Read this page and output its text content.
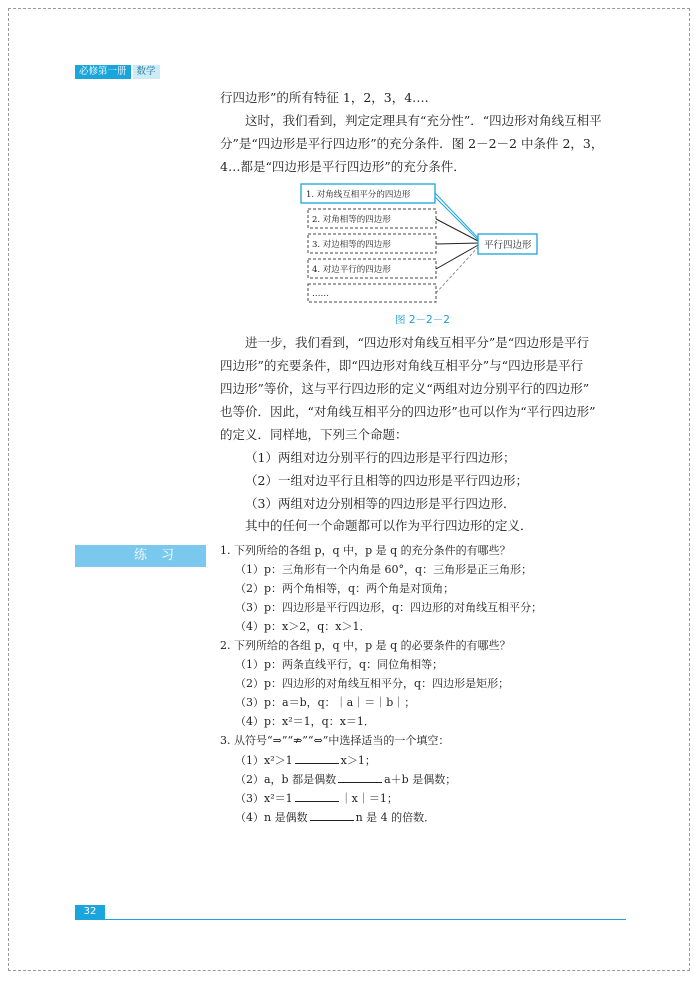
必修第一册	数学

行四边形”的所有特征 1，2，3，4….

这时，我们看到，判定定理具有“充分性”．“四边形对角线互相平

分”是“四边形是平行四边形”的充分条件．图 2－2－2 中条件 2，3，

4…都是“四边形是平行四边形”的充分条件．

1. 对角线互相平分的四边形
2. 对角相等的四边形
3. 对边相等的四边形
4. 对边平行的四边形
……
平行四边形
图 2－2－2

进一步，我们看到，“四边形对角线互相平分”是“四边形是平行

四边形”的充要条件，即“四边形对角线互相平分”与“四边形是平行

四边形”等价，这与平行四边形的定义“两组对边分别平行的四边形”

也等价．因此，“对角线互相平分的四边形”也可以作为“平行四边形”

的定义．同样地，下列三个命题：

（1）两组对边分别平行的四边形是平行四边形；

（2）一组对边平行且相等的四边形是平行四边形；

（3）两组对边分别相等的四边形是平行四边形．

其中的任何一个命题都可以作为平行四边形的定义．

练习	1. 下列所给的各组 p，q 中，p 是 q 的充分条件的有哪些？

（1）p：三角形有一个内角是 60°，q：三角形是正三角形；

（2）p：两个角相等，q：两个角是对顶角；

（3）p：四边形是平行四边形，q：四边形的对角线互相平分；

（4）p：x＞2，q：x＞1．

2. 下列所给的各组 p，q 中，p 是 q 的必要条件的有哪些？

（1）p：两条直线平行，q：同位角相等；

（2）p：四边形的对角线互相平分，q：四边形是矩形；

（3）p：a＝b，q：｜a｜＝｜b｜；

（4）p：x²＝1，q：x＝1．

3. 从符号“⇒”“⇏”“⇔”中选择适当的一个填空：

（1）x²＞1	x＞1；

（2）a，b 都是偶数	a＋b 是偶数；

（3）x²＝1	｜x｜＝1；

（4）n 是偶数	n 是 4 的倍数．

32
